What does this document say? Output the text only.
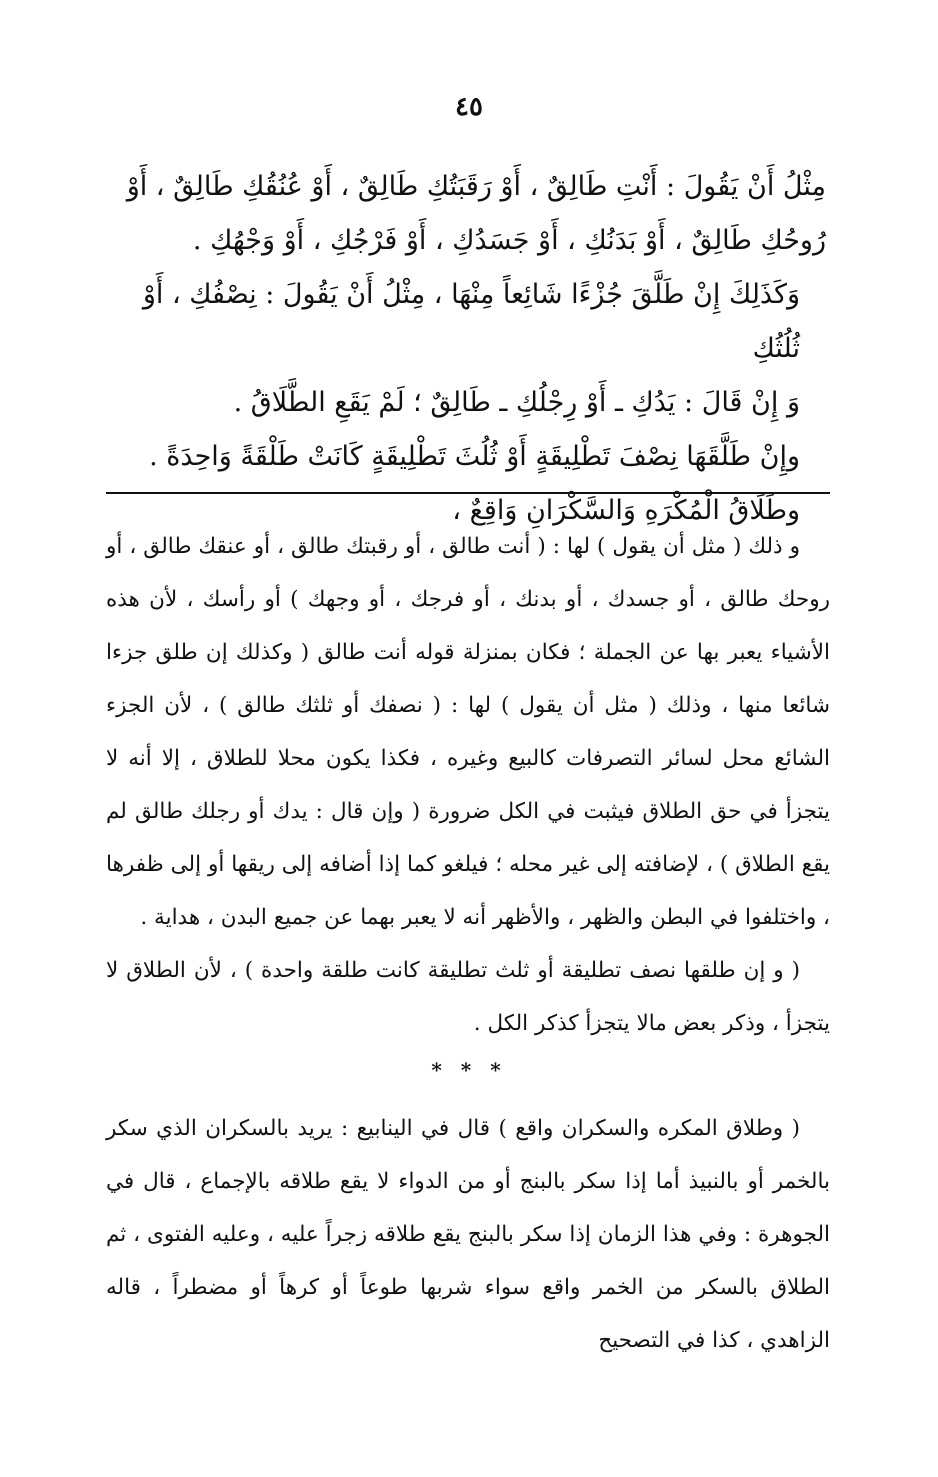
٤٥

مِثْلُ أَنْ يَقُولَ : أَنْتِ طَالِقٌ ، أَوْ رَقَبَتُكِ طَالِقٌ ، أَوْ عُنُقُكِ طَالِقٌ ، أَوْ رُوحُكِ طَالِقٌ ، أَوْ بَدَنُكِ ، أَوْ جَسَدُكِ ، أَوْ فَرْجُكِ ، أَوْ وَجْهُكِ .

وَكَذَلِكَ إِنْ طَلَّقَ جُزْءًا شَائِعاً مِنْهَا ، مِثْلُ أَنْ يَقُولَ : نِصْفُكِ ، أَوْ ثُلُثُكِ

وَ إِنْ قَالَ : يَدُكِ ـ أَوْ رِجْلُكِ ـ طَالِقٌ ؛ لَمْ يَقَعِ الطَّلَاقُ .

وإِنْ طَلَّقَهَا نِصْفَ تَطْلِيقَةٍ أَوْ ثُلُثَ تَطْلِيقَةٍ كَانَتْ طَلْقَةً وَاحِدَةً .

وطَلَاقُ الْمُكْرَهِ وَالسَّكْرَانِ وَاقِعٌ ،

و ذلك ( مثل أن يقول ) لها : ( أنت طالق ، أو رقبتك طالق ، أو عنقك طالق ، أو روحك طالق ، أو جسدك ، أو بدنك ، أو فرجك ، أو وجهك ) أو رأسك ، لأن هذه الأشياء يعبر بها عن الجملة ؛ فكان بمنزلة قوله أنت طالق ( وكذلك إن طلق جزءا شائعا منها ، وذلك ( مثل أن يقول ) لها : ( نصفك أو ثلثك طالق ) ، لأن الجزء الشائع محل لسائر التصرفات كالبيع وغيره ، فكذا يكون محلا للطلاق ، إلا أنه لا يتجزأ في حق الطلاق فيثبت في الكل ضرورة ( وإن قال : يدك أو رجلك طالق لم يقع الطلاق ) ، لإضافته إلى غير محله ؛ فيلغو كما إذا أضافه إلى ريقها أو إلى ظفرها ، واختلفوا في البطن والظهر ، والأظهر أنه لا يعبر بهما عن جميع البدن ، هداية .

( و إن طلقها نصف تطليقة أو ثلث تطليقة كانت طلقة واحدة ) ، لأن الطلاق لا يتجزأ ، وذكر بعض مالا يتجزأ كذكر الكل .

* * *

( وطلاق المكره والسكران واقع ) قال في الينابيع : يريد بالسكران الذي سكر بالخمر أو بالنبيذ أما إذا سكر بالبنج أو من الدواء لا يقع طلاقه بالإجماع ، قال في الجوهرة : وفي هذا الزمان إذا سكر بالبنج يقع طلاقه زجراً عليه ، وعليه الفتوى ، ثم الطلاق بالسكر من الخمر واقع سواء شربها طوعاً أو كرهاً أو مضطراً ، قاله الزاهدي ، كذا في التصحيح
